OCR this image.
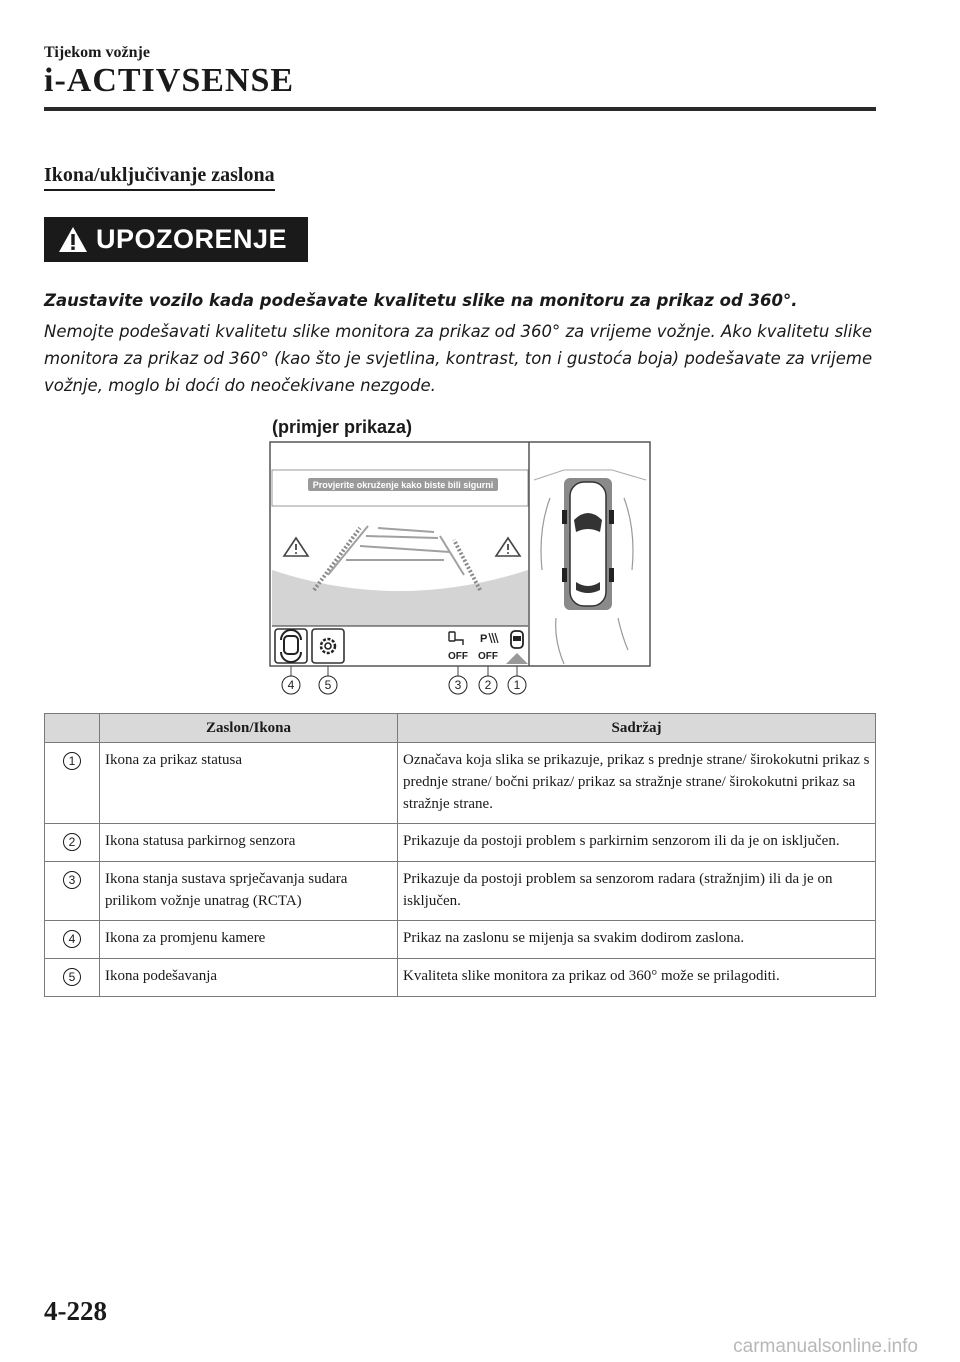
Tijekom vožnje
i-ACTIVSENSE
Ikona/uključivanje zaslona
UPOZORENJE
Zaustavite vozilo kada podešavate kvalitetu slike na monitoru za prikaz od 360°.
Nemojte podešavati kvalitetu slike monitora za prikaz od 360° za vrijeme vožnje. Ako kvalitetu slike monitora za prikaz od 360° (kao što je svjetlina, kontrast, ton i gustoća boja) podešavate za vrijeme vožnje, moglo bi doći do neočekivane nezgode.
(primjer prikaza)
Provjerite okruženje kako biste bili sigurni
OFF
P
OFF
4	5	3 2 1
	Zaslon/Ikona	Sadržaj
1	Ikona za prikaz statusa	Označava koja slika se prikazuje, prikaz s prednje strane/ širokokutni prikaz s prednje strane/ bočni prikaz/ prikaz sa stražnje strane/ širokokutni prikaz sa stražnje strane.
2	Ikona statusa parkirnog senzora	Prikazuje da postoji problem s parkirnim senzorom ili da je on isključen.
3	Ikona stanja sustava sprječavanja sudara prilikom vožnje unatrag (RCTA)	Prikazuje da postoji problem sa senzorom radara (stražnjim) ili da je on isključen.
4	Ikona za promjenu kamere	Prikaz na zaslonu se mijenja sa svakim dodirom zaslona.
5	Ikona podešavanja	Kvaliteta slike monitora za prikaz od 360° može se prilagoditi.
4-228
carmanualsonline.info
